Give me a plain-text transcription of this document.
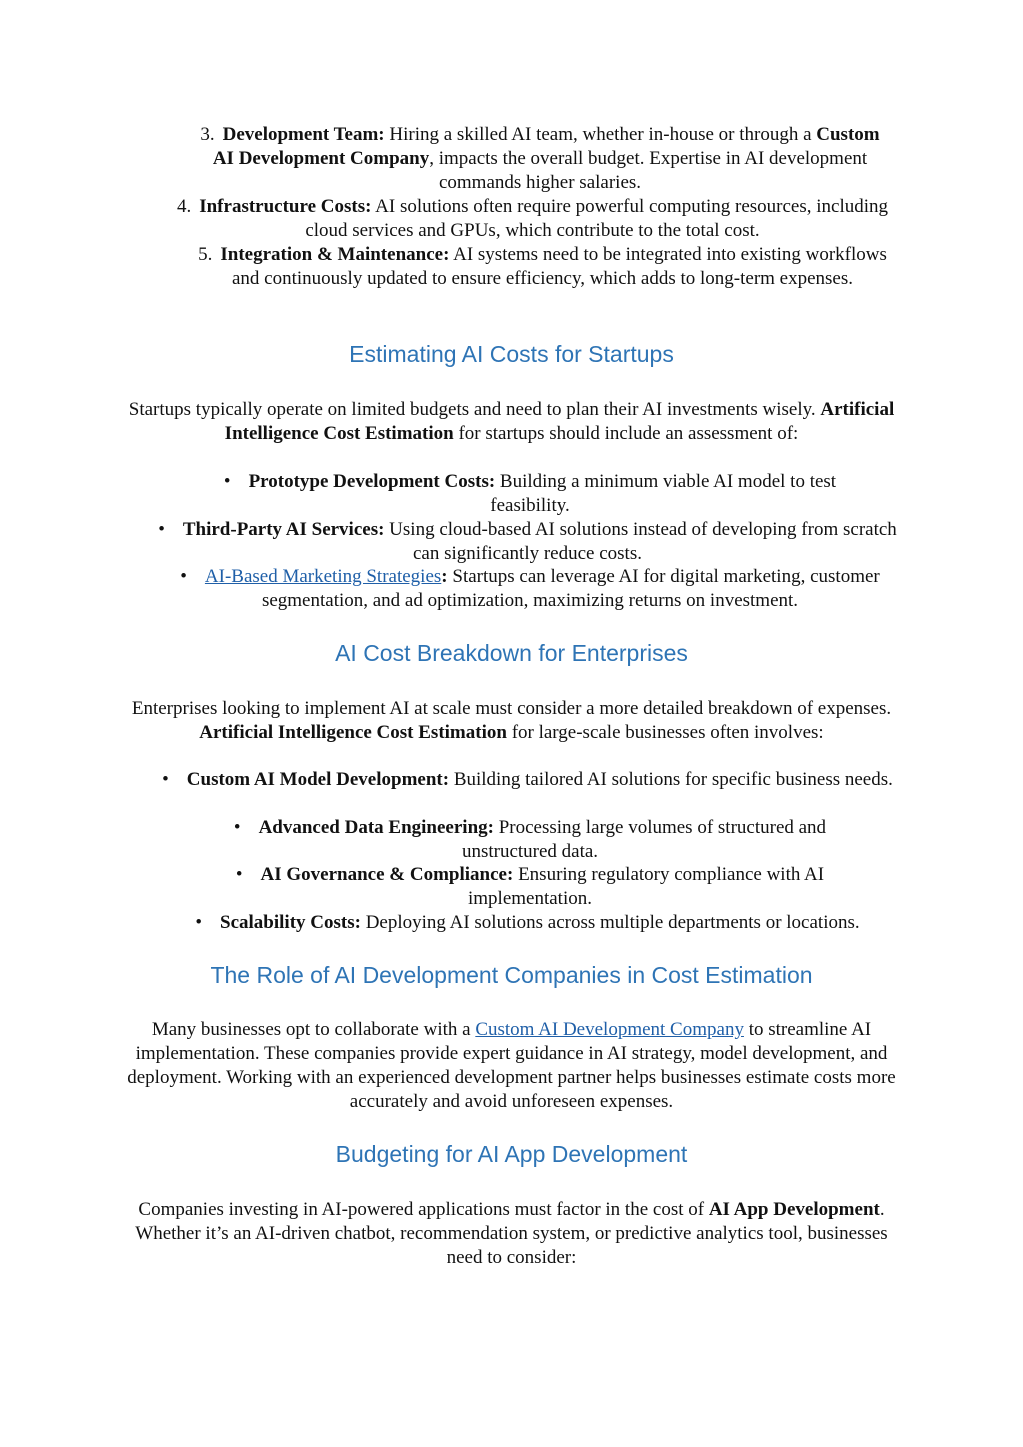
3. Development Team: Hiring a skilled AI team, whether in-house or through a Custom AI Development Company, impacts the overall budget. Expertise in AI development commands higher salaries.
4. Infrastructure Costs: AI solutions often require powerful computing resources, including cloud services and GPUs, which contribute to the total cost.
5. Integration & Maintenance: AI systems need to be integrated into existing workflows and continuously updated to ensure efficiency, which adds to long-term expenses.
Estimating AI Costs for Startups

Startups typically operate on limited budgets and need to plan their AI investments wisely. Artificial Intelligence Cost Estimation for startups should include an assessment of:

• Prototype Development Costs: Building a minimum viable AI model to test feasibility.
• Third-Party AI Services: Using cloud-based AI solutions instead of developing from scratch can significantly reduce costs.
• AI-Based Marketing Strategies: Startups can leverage AI for digital marketing, customer segmentation, and ad optimization, maximizing returns on investment.
AI Cost Breakdown for Enterprises

Enterprises looking to implement AI at scale must consider a more detailed breakdown of expenses. Artificial Intelligence Cost Estimation for large-scale businesses often involves:

• Custom AI Model Development: Building tailored AI solutions for specific business needs.
• Advanced Data Engineering: Processing large volumes of structured and unstructured data.
• AI Governance & Compliance: Ensuring regulatory compliance with AI implementation.
• Scalability Costs: Deploying AI solutions across multiple departments or locations.
The Role of AI Development Companies in Cost Estimation

Many businesses opt to collaborate with a Custom AI Development Company to streamline AI implementation. These companies provide expert guidance in AI strategy, model development, and deployment. Working with an experienced development partner helps businesses estimate costs more accurately and avoid unforeseen expenses.

Budgeting for AI App Development

Companies investing in AI-powered applications must factor in the cost of AI App Development. Whether it’s an AI-driven chatbot, recommendation system, or predictive analytics tool, businesses need to consider:
